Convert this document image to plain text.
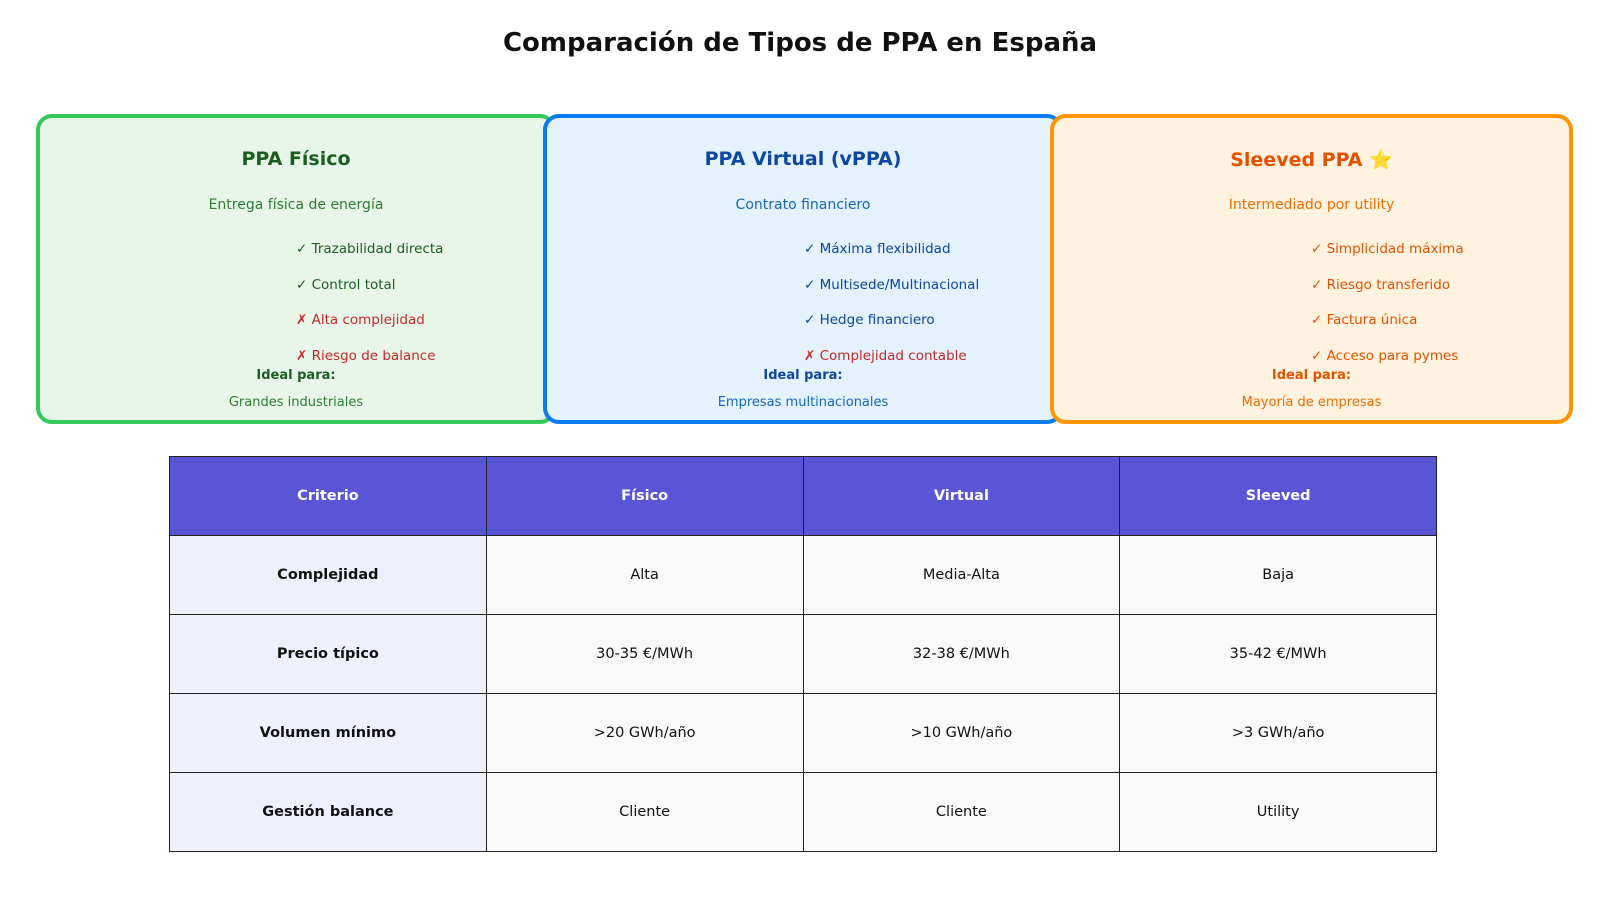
Comparación de Tipos de PPA en España
PPA Físico
Entrega física de energía
✓ Trazabilidad directa
✓ Control total
✗ Alta complejidad
✗ Riesgo de balance
Ideal para:
Grandes industriales
PPA Virtual (vPPA)
Contrato financiero
✓ Máxima flexibilidad
✓ Multisede/Multinacional
✓ Hedge financiero
✗ Complejidad contable
Ideal para:
Empresas multinacionales
Sleeved PPA ⭐
Intermediado por utility
✓ Simplicidad máxima
✓ Riesgo transferido
✓ Factura única
✓ Acceso para pymes
Ideal para:
Mayoría de empresas
Criterio	Físico	Virtual	Sleeved
Complejidad	Alta	Media-Alta	Baja
Precio típico	30-35 €/MWh	32-38 €/MWh	35-42 €/MWh
Volumen mínimo	>20 GWh/año	>10 GWh/año	>3 GWh/año
Gestión balance	Cliente	Cliente	Utility
